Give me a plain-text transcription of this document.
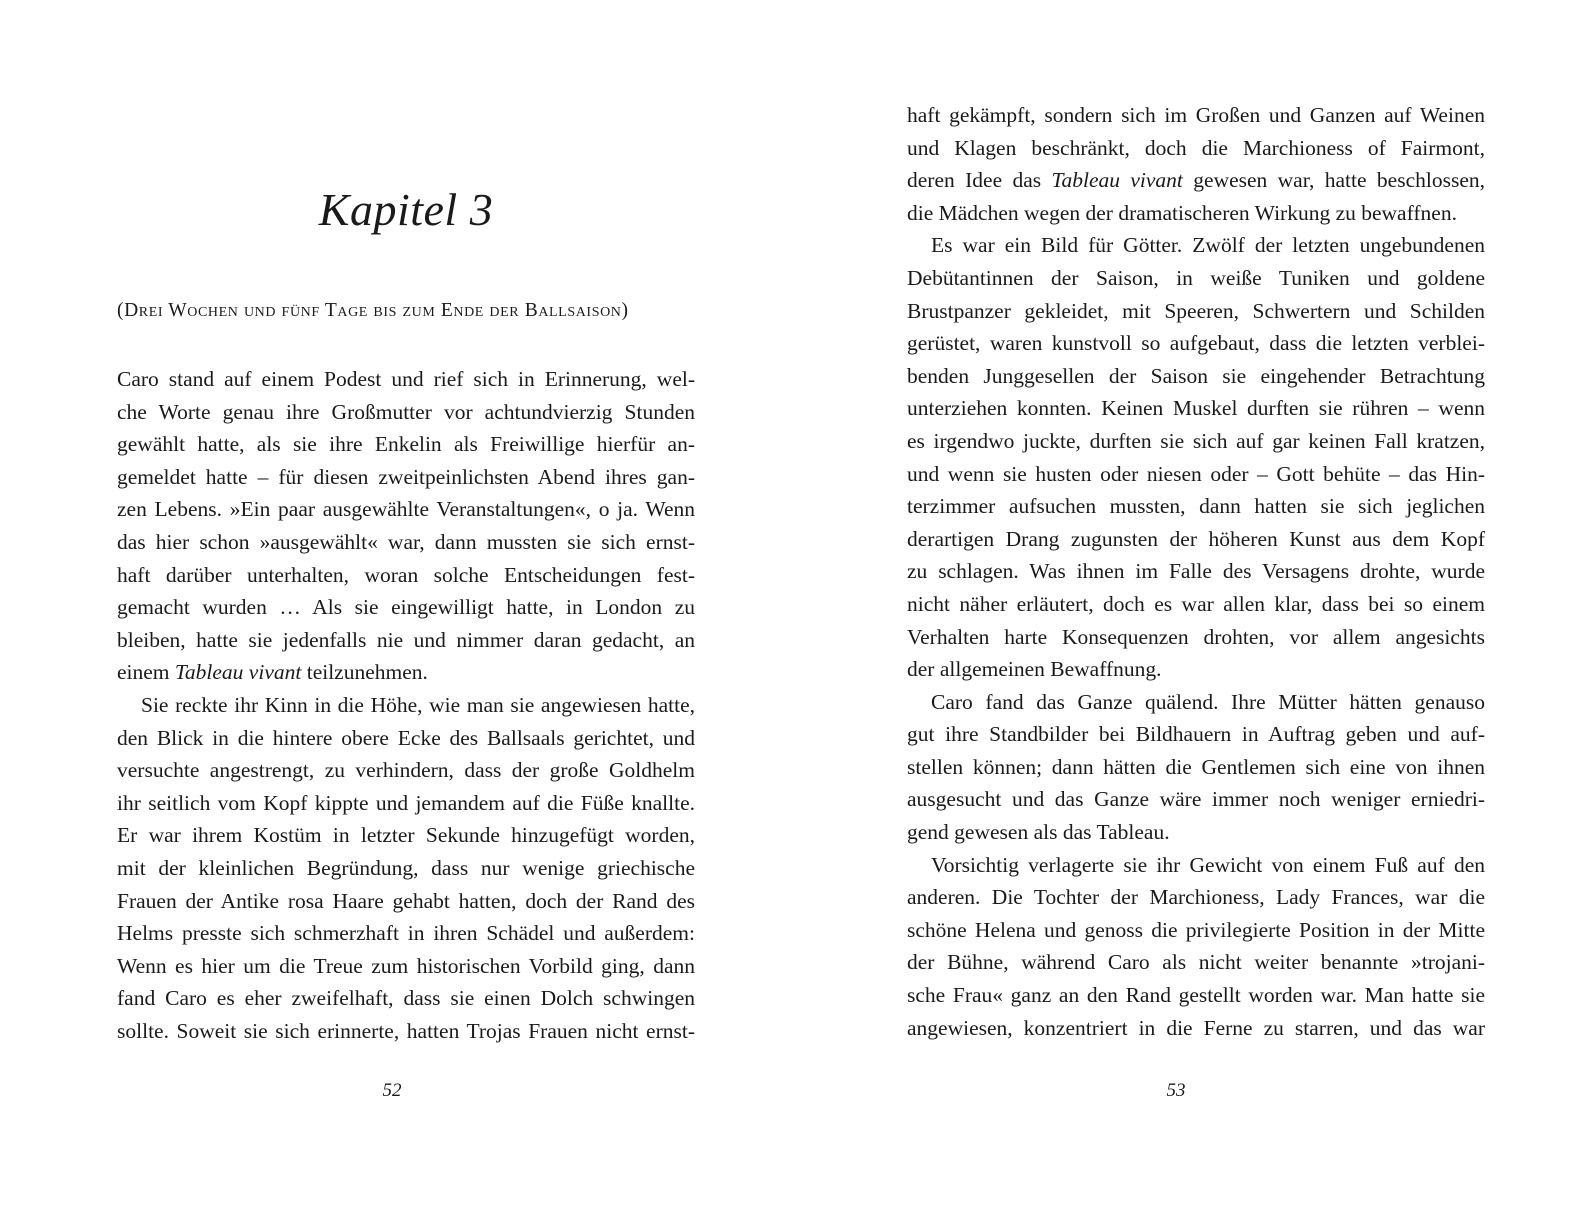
Kapitel 3
(Drei Wochen und fünf Tage bis zum Ende der Ballsaison)
Caro stand auf einem Podest und rief sich in Erinnerung, wel-
che Worte genau ihre Großmutter vor achtundvierzig Stunden
gewählt hatte, als sie ihre Enkelin als Freiwillige hierfür an-
gemeldet hatte – für diesen zweitpeinlichsten Abend ihres gan-
zen Lebens. »Ein paar ausgewählte Veranstaltungen«, o ja. Wenn
das hier schon »ausgewählt« war, dann mussten sie sich ernst-
haft darüber unterhalten, woran solche Entscheidungen fest-
gemacht wurden … Als sie eingewilligt hatte, in London zu
bleiben, hatte sie jedenfalls nie und nimmer daran gedacht, an
einem Tableau vivant teilzunehmen.
Sie reckte ihr Kinn in die Höhe, wie man sie angewiesen hatte,
den Blick in die hintere obere Ecke des Ballsaals gerichtet, und
versuchte angestrengt, zu verhindern, dass der große Goldhelm
ihr seitlich vom Kopf kippte und jemandem auf die Füße knallte.
Er war ihrem Kostüm in letzter Sekunde hinzugefügt worden,
mit der kleinlichen Begründung, dass nur wenige griechische
Frauen der Antike rosa Haare gehabt hatten, doch der Rand des
Helms presste sich schmerzhaft in ihren Schädel und außerdem:
Wenn es hier um die Treue zum historischen Vorbild ging, dann
fand Caro es eher zweifelhaft, dass sie einen Dolch schwingen
sollte. Soweit sie sich erinnerte, hatten Trojas Frauen nicht ernst-
52
haft gekämpft, sondern sich im Großen und Ganzen auf Weinen
und Klagen beschränkt, doch die Marchioness of Fairmont,
deren Idee das Tableau vivant gewesen war, hatte beschlossen,
die Mädchen wegen der dramatischeren Wirkung zu bewaffnen.
Es war ein Bild für Götter. Zwölf der letzten ungebundenen
Debütantinnen der Saison, in weiße Tuniken und goldene
Brustpanzer gekleidet, mit Speeren, Schwertern und Schilden
gerüstet, waren kunstvoll so aufgebaut, dass die letzten verblei-
benden Junggesellen der Saison sie eingehender Betrachtung
unterziehen konnten. Keinen Muskel durften sie rühren – wenn
es irgendwo juckte, durften sie sich auf gar keinen Fall kratzen,
und wenn sie husten oder niesen oder – Gott behüte – das Hin-
terzimmer aufsuchen mussten, dann hatten sie sich jeglichen
derartigen Drang zugunsten der höheren Kunst aus dem Kopf
zu schlagen. Was ihnen im Falle des Versagens drohte, wurde
nicht näher erläutert, doch es war allen klar, dass bei so einem
Verhalten harte Konsequenzen drohten, vor allem angesichts
der allgemeinen Bewaffnung.
Caro fand das Ganze quälend. Ihre Mütter hätten genauso
gut ihre Standbilder bei Bildhauern in Auftrag geben und auf-
stellen können; dann hätten die Gentlemen sich eine von ihnen
ausgesucht und das Ganze wäre immer noch weniger erniedri-
gend gewesen als das Tableau.
Vorsichtig verlagerte sie ihr Gewicht von einem Fuß auf den
anderen. Die Tochter der Marchioness, Lady Frances, war die
schöne Helena und genoss die privilegierte Position in der Mitte
der Bühne, während Caro als nicht weiter benannte »trojani-
sche Frau« ganz an den Rand gestellt worden war. Man hatte sie
angewiesen, konzentriert in die Ferne zu starren, und das war
53
